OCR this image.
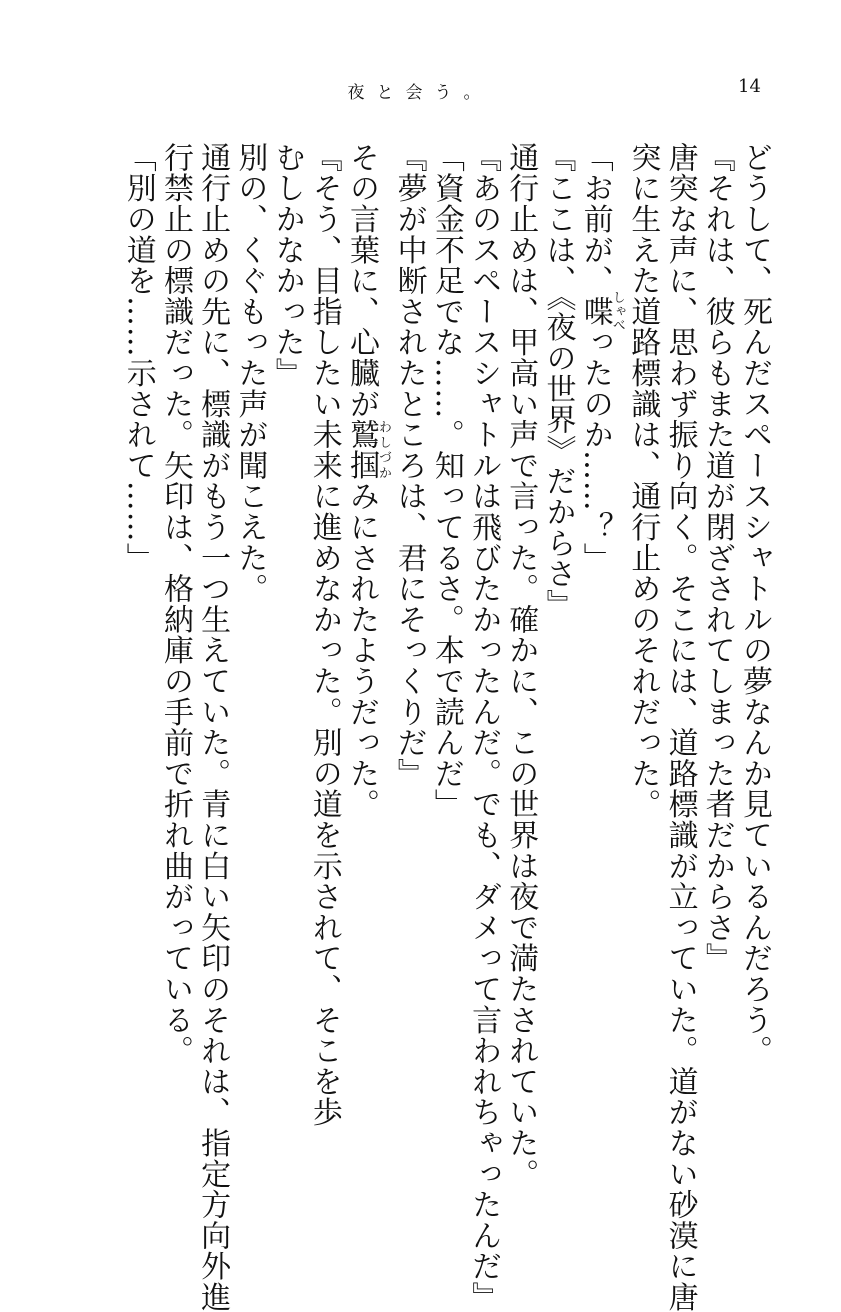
夜と会う。	14

どうして、死んだスペースシャトルの夢なんか見ているんだろう。

『それは、彼らもまた道が閉ざされてしまった者だからさ』

唐突な声に、思わず振り向く。そこには、道路標識が立っていた。道がない砂漠に唐

突に生えた道路標識は、通行止めのそれだった。

「お前が、喋しゃべったのか……？」

『ここは、《夜の世界》だからさ』

通行止めは、甲高い声で言った。確かに、この世界は夜で満たされていた。

『あのスペースシャトルは飛びたかったんだ。でも、ダメって言われちゃったんだ』

「資金不足でな……。知ってるさ。本で読んだ」

『夢が中断されたところは、君にそっくりだ』

その言葉に、心臓が鷲掴わしづかみにされたようだった。

『そう、目指したい未来に進めなかった。別の道を示されて、そこを歩むしかなかった』

別の、くぐもった声が聞こえた。

通行止めの先に、標識がもう一つ生えていた。青に白い矢印のそれは、指定方向外進

行禁止の標識だった。矢印は、格納庫の手前で折れ曲がっている。

「別の道を……示されて……」
